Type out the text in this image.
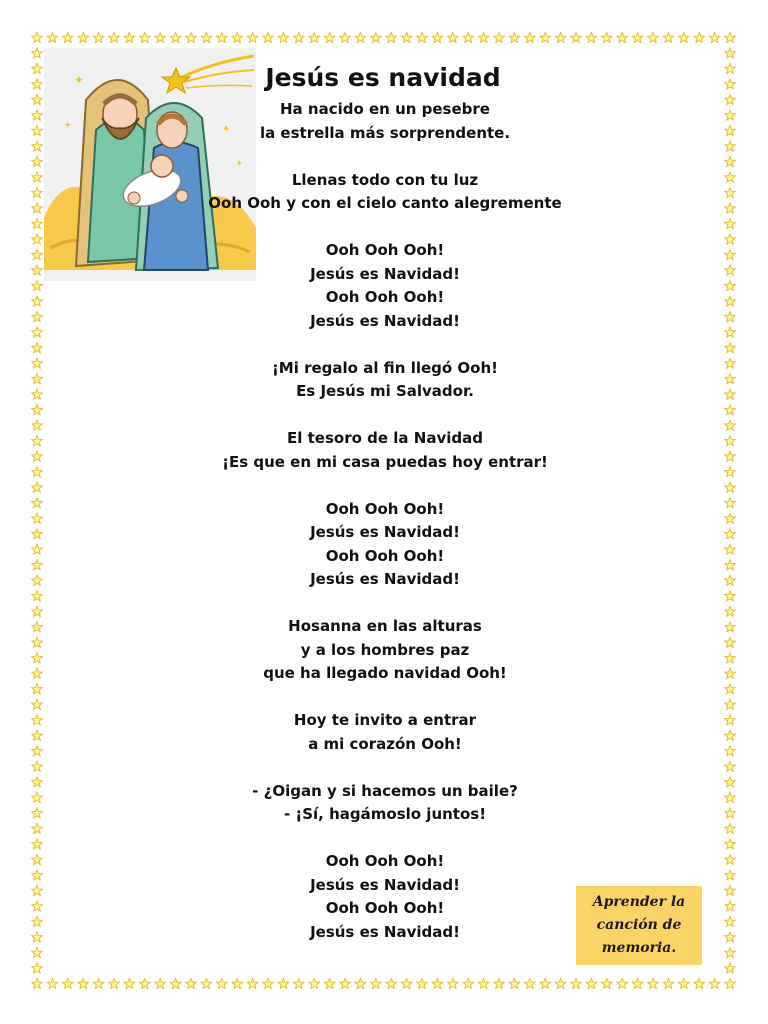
✦
✦	✦
✦
Jesús es navidad
Ha nacido en un pesebre
la estrella más sorprendente.
Llenas todo con tu luz
Ooh Ooh y con el cielo canto alegremente
Ooh Ooh Ooh!
Jesús es Navidad!
Ooh Ooh Ooh!
Jesús es Navidad!
¡Mi regalo al fin llegó Ooh!
Es Jesús mi Salvador.
El tesoro de la Navidad
¡Es que en mi casa puedas hoy entrar!
Ooh Ooh Ooh!
Jesús es Navidad!
Ooh Ooh Ooh!
Jesús es Navidad!
Hosanna en las alturas
y a los hombres paz
que ha llegado navidad Ooh!
Hoy te invito a entrar
a mi corazón Ooh!
- ¿Oigan y si hacemos un baile?
- ¡Sí, hagámoslo juntos!
Ooh Ooh Ooh!
Jesús es Navidad!
Ooh Ooh Ooh!
Jesús es Navidad!
Aprender la canción de memoria.
